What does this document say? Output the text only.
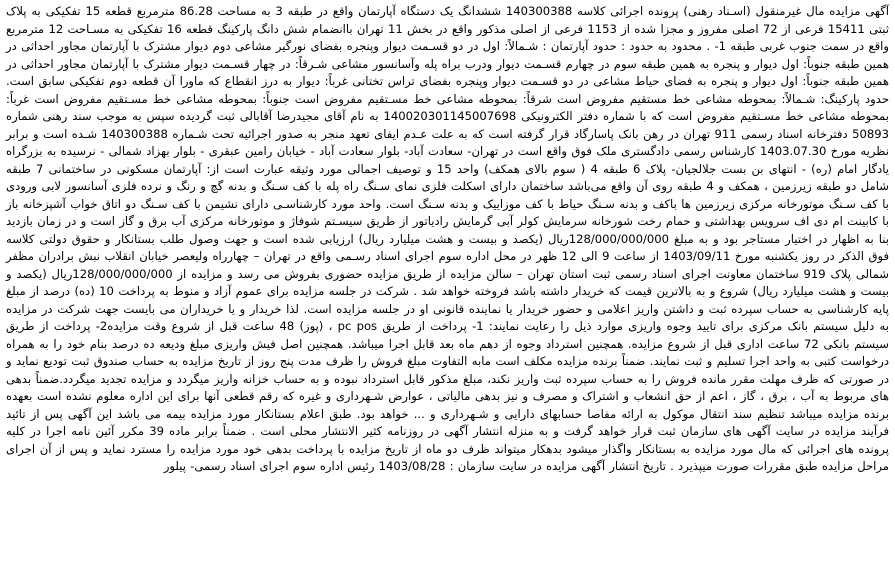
آگهی مزایده مال غیرمنقول (اسـناد رهنی) پرونده اجرائی کلاسه 140300388 ششدانگ یک دستگاه آپارتمان واقع در طبقه 3 به مساحت 86.28 مترمربع قطعه 15 تفکیکی به پلاک ثبتی 15411 فرعی از 72 اصلی مفروز و مجزا شده از 1153 فرعی از اصلی مذکور واقع در بخش 11 تهران باانضمام شش دانگ پارکینگ قطعه 16 تفکیکی به مسـاحت 12 مترمربع واقع در سمت جنوب غربی طبقه 1- . محدود به حدود : حدود آپارتمان : شـمالاً: اول در دو قسـمت دیوار وپنجره بفضای نورگیر مشاعی دوم دیوار مشترک با آپارتمان مجاور احداثی در همین طبقه جنوباً: اول دیوار و پنجره به همین طبقه سوم در چهارم قسـمت دیوار ودرب براه پله وآسانسور مشاعی شـرقاً: در چهار قسـمت دیوار مشترک با آپارتمان مجاور احداثی در همین طبقه جنوباً: اول دیوار و پنجره به فضای حیاط مشاعی در دو قسـمت دیوار وپنجره بفضای تراس تختانی غرباً: دیوار به درز انقطاع که ماورا آن قطعه دوم تفکیکی سابق است. حدود پارکینگ: شـمالاً: بمحوطه مشاعی خط مستقیم مفروض است شرقاً: بمحوطه مشاعی خط مسـتقیم مفروض است جنوباً: بمحوطه مشاعی خط مسـتقیم مفروض است غرباً: بمحوطه مشاعی خط مسـتقیم مفروض است که با شماره دفتر الکترونیکی 140020301145007698 به نام آقای مجیدرضا آقابالی ثبت گردیده سپس به موجب سند رهنی شماره 50893 دفترخانه اسناد رسمی 911 تهران در رهن بانک پاسارگاد قرار گرفته است که به علت عـدم ایفای تعهد منجر به صدور اجرائیه تحت شـماره 140300388 شـده است و برابر نظریه مورخ 1403.07.30 کارشناس رسمی دادگستری ملک فوق واقع است در تهران- سعادت آباد- بلوار سعادت آباد - خیابان رامین عبقری - بلوار بهزاد شمالی - نرسیده به بزرگراه یادگار امام (ره) - انتهای بن بست جلالجیان- پلاک 6 طبقه 4 ( سوم بالای همکف) واحد 15 و توصیف اجمالی مورد وثیقه عبارت است از: آپارتمان مسکونی در ساختمانی 7 طبقه شامل دو طبقه زیرزمین ، همکف و 4 طبقه روی آن واقع می‌باشد ساختمان دارای اسکلت فلزی نمای سـنگ راه پله با کف سـنگ و بدنه گچ و رنگ و نرده فلزی آسانسور لابی ورودی با کف سـنگ موتورخانه مرکزی زیرزمین ها باکف و بدنه سـنگ حیاط با کف موزاییک و بدنه سـنگ است. واحد مورد کارشناسـی دارای نشیمن با کف سـنگ دو اتاق خواب آشپزخانه باز با کابینت ام دی اف سرویس بهداشتی و حمام رخت شورخانه سرمایش کولر آبی گرمایش رادیاتور از طریق سیسـتم شوفاژ و موتورخانه مرکزی آب برق و گاز است و در زمان بازدید بنا به اظهار در اختیار مستاجر بود و به مبلغ 128/000/000/000ریال (یکصد و بیست و هشت میلیارد ریال) ارزیابی شده است و جهت وصول طلب بستانکار و حقوق دولتی کلاسه فوق الذکر در روز یکشنبه مورخ 1403/09/11 از ساعت 9 الی 12 ظهر در محل اداره سوم اجرای اسناد رسـمی واقع در تهران – چهارراه ولیعصر خیابان انقلاب نبش برادران مظفر شمالی پلاک 919 ساختمان معاونت اجرای اسناد رسمی ثبت استان تهران – سالن مزایده از طریق مزایده حضوری بفروش می رسد و مزایده از 128/000/000/000ریال (یکصد و بیست و هشت میلیارد ریال) شروع و به بالاترین قیمت که خریدار داشته باشد فروخته خواهد شد . شرکت در جلسه مزایده برای عموم آزاد و منوط به پرداخت 10 (ده) درصد از مبلغ پایه کارشناسی به حساب سپرده ثبت و داشتن واریز اعلامی و حضور خریدار یا نماینده قانونی او در جلسه مزایده است. لذا خریدار و یا خریداران می بایست جهت شرکت در مزایده به دلیل سیستم بانک مرکزی برای تایید وجوه واریزی موارد ذیل را رعایت نمایند: 1- پرداخت از طریق pc pos ، (پوز) 48 ساعت قبل از شروع وقت مزایده2- پرداخت از طریق سیستم بانکی 72 ساعت اداری قبل از شروع مزایده. همچنین استرداد وجوه از دهم ماه بعد قابل اجرا میباشد. همچنین اصل فیش واریزی مبلغ ودیعه ده درصد بنام خود را به همراه درخواست کتبی به واحد اجرا تسلیم و ثبت نمایند. ضمناً برنده مزایده مکلف است مابه التفاوت مبلغ فروش را ظرف مدت پنج روز از تاریخ مزایده به حساب صندوق ثبت تودیع نماید و در صورتی که ظرف مهلت مقرر مانده فروش را به حساب سپرده ثبت واریز نکند، مبلغ مذکور قابل استرداد نبوده و به حساب خزانه واریز میگردد و مزایده تجدید میگردد.ضمناً بدهی های مربوط به آب ، برق ، گاز ، اعم از حق انشعاب و اشتراک و مصرف و نیز بدهی مالیاتی ، عوارض شـهرداری و غیره که رقم قطعی آنها برای این اداره معلوم نشده است بعهده برنده مزایده میباشد تنظیم سند انتقال موکول به ارائه مفاصا حسابهای دارایی و شـهرداری و ... خواهد بود. طبق اعلام بستانکار مورد مزایده بیمه می باشد این آگهی پس از تائید فرآیند مزایده در سایت آگهی های سازمان ثبت قرار خواهد گرفت و به منزله انتشار آگهی در روزنامه کثیر الانتشار محلی است . ضمناً برابر ماده 39 مکرر آئین نامه اجرا در کلیه پرونده های اجرائی که مال مورد مزایده به بستانکار واگذار میشود بدهکار میتواند ظرف دو ماه از تاریخ مزایده با پرداخت بدهی خود مورد مزایده را مسترد نماید و پس از آن اجرای مراحل مزایده طبق مقررات صورت میپذیرد . تاریخ انتشار آگهی مزایده در سایت سازمان : 1403/08/28 رئیس اداره سوم اجرای اسناد رسمی- پیلور
